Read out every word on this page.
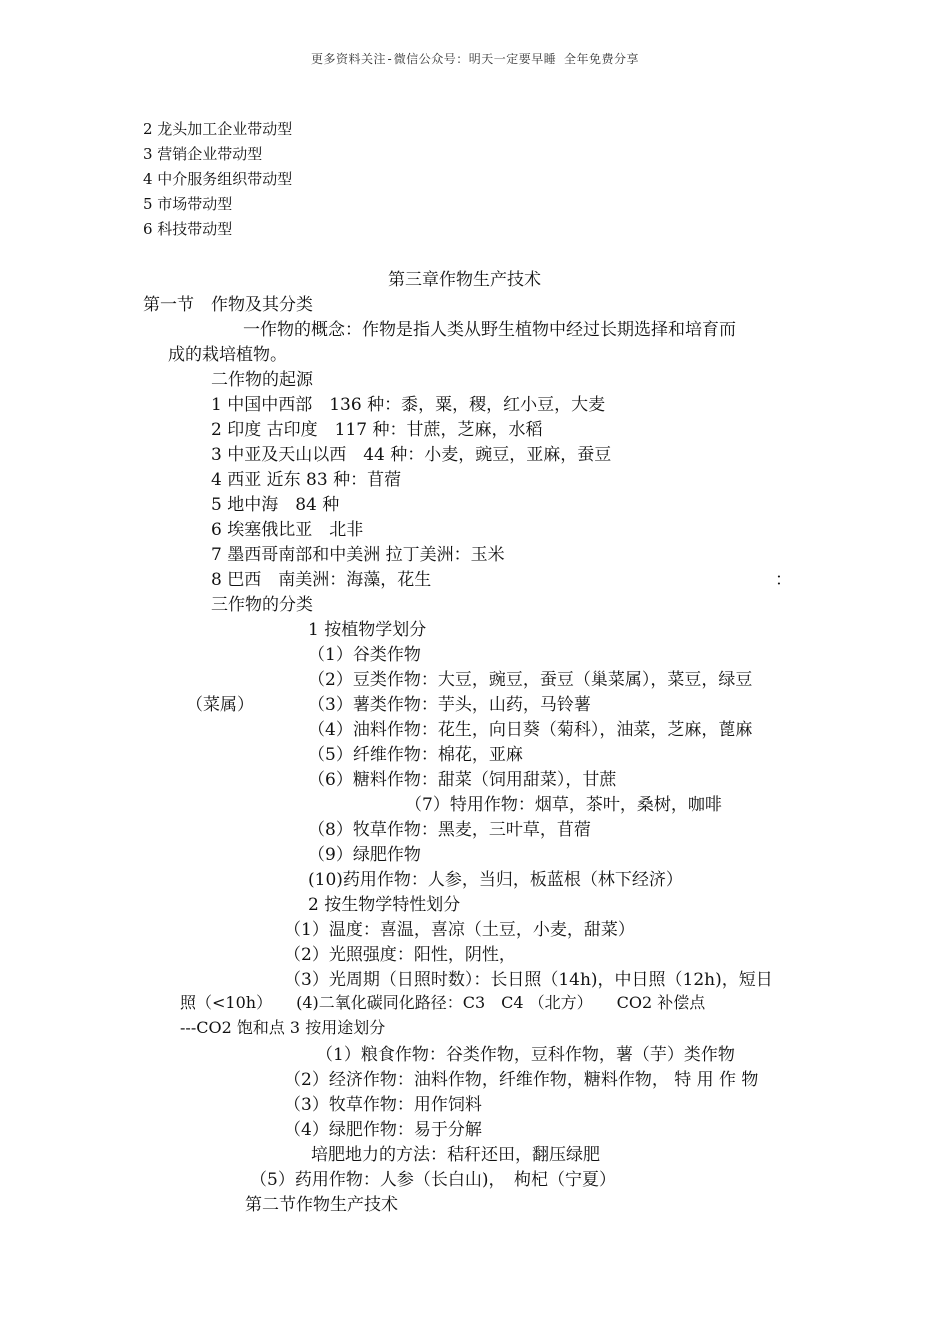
更多资料关注-微信公众号：明天一定要早睡 全年免费分享
2 龙头加工企业带动型
3 营销企业带动型
4 中介服务组织带动型
5 市场带动型
6 科技带动型
第三章作物生产技术
第一节　作物及其分类
一作物的概念：作物是指人类从野生植物中经过长期选择和培育而
成的栽培植物。
二作物的起源
1 中国中西部　136 种：黍，粟，稷，红小豆，大麦
2 印度 古印度　117 种：甘蔗，芝麻，水稻
3 中亚及天山以西　44 种：小麦，豌豆，亚麻，蚕豆
4 西亚 近东 83 种：苜蓿
5 地中海　84 种
6 埃塞俄比亚　北非
7 墨西哥南部和中美洲 拉丁美洲：玉米
8 巴西　南美洲：海藻，花生	：
三作物的分类
1 按植物学划分
（1）谷类作物
（2）豆类作物：大豆，豌豆，蚕豆（巢菜属），菜豆，绿豆
（菜属）	（3）薯类作物：芋头，山药，马铃薯
（4）油料作物：花生，向日葵（菊科），油菜，芝麻，蓖麻
（5）纤维作物：棉花，亚麻
（6）糖料作物：甜菜（饲用甜菜），甘蔗
（7）特用作物：烟草，茶叶，桑树，咖啡
（8）牧草作物：黑麦，三叶草，苜蓿
（9）绿肥作物
(10)药用作物：人参，当归，板蓝根（林下经济）
2 按生物学特性划分
（1）温度：喜温，喜凉（土豆，小麦，甜菜）
（2）光照强度：阳性，阴性，
（3）光周期（日照时数）：长日照（14h)，中日照（12h)，短日
照（<10h）　　(4)二氧化碳同化路径：C3　C4 （北方）　　CO2 补偿点
---CO2 饱和点 3 按用途划分
（1）粮食作物：谷类作物，豆科作物，薯（芋）类作物
（2）经济作物：油料作物，纤维作物，糖料作物， 特 用 作 物
（3）牧草作物：用作饲料
（4）绿肥作物：易于分解
培肥地力的方法：秸秆还田，翻压绿肥
（5）药用作物：人参（长白山)，　枸杞（宁夏）
第二节作物生产技术
